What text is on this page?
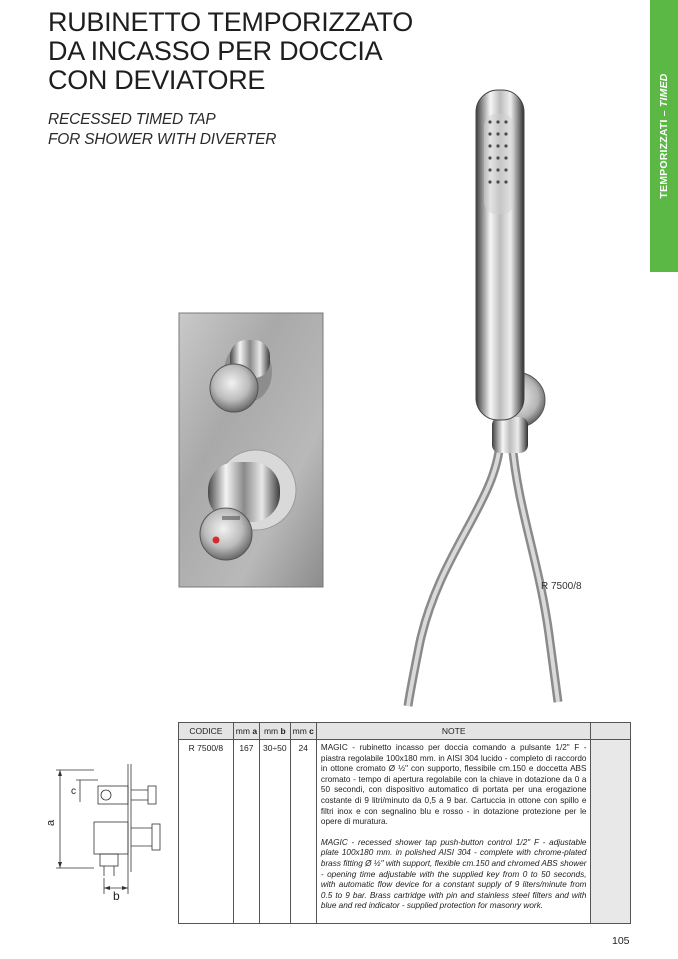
RUBINETTO TEMPORIZZATO
DA INCASSO PER DOCCIA
CON DEVIATORE
RECESSED TIMED TAP
FOR SHOWER WITH DIVERTER	TEMPORIZZATI – TIMED
R 7500/8
a
c
b
CODICE	mm a	mm b	mm c	NOTE	
R 7500/8	167	30÷50	24	MAGIC - rubinetto incasso per doccia comando a pulsante 1/2" F - piastra regolabile 100x180 mm. in AISI 304 lucido - completo di raccordo in ottone cromato Ø ½" con supporto, flessibile cm.150 e doccetta ABS cromato - tempo di apertura regolabile con la chiave in dotazione da 0 a 50 secondi, con dispositivo automatico di portata per una erogazione costante di 9 litri/minuto da 0,5 a 9 bar. Cartuccia in ottone con spillo e filtri inox e con segnalino blu e rosso - in dotazione protezione per le opere di muratura.
MAGIC - recessed shower tap push-button control 1/2" F - adjustable plate 100x180 mm. in polished AISI 304 - complete with chrome-plated brass fitting Ø ½" with support, flexible cm.150 and chromed ABS shower - opening time adjustable with the supplied key from 0 to 50 seconds, with automatic flow device for a constant supply of 9 liters/minute from 0.5 to 9 bar. Brass cartridge with pin and stainless steel filters and with blue and red indicator - supplied protection for masonry work.	

105
